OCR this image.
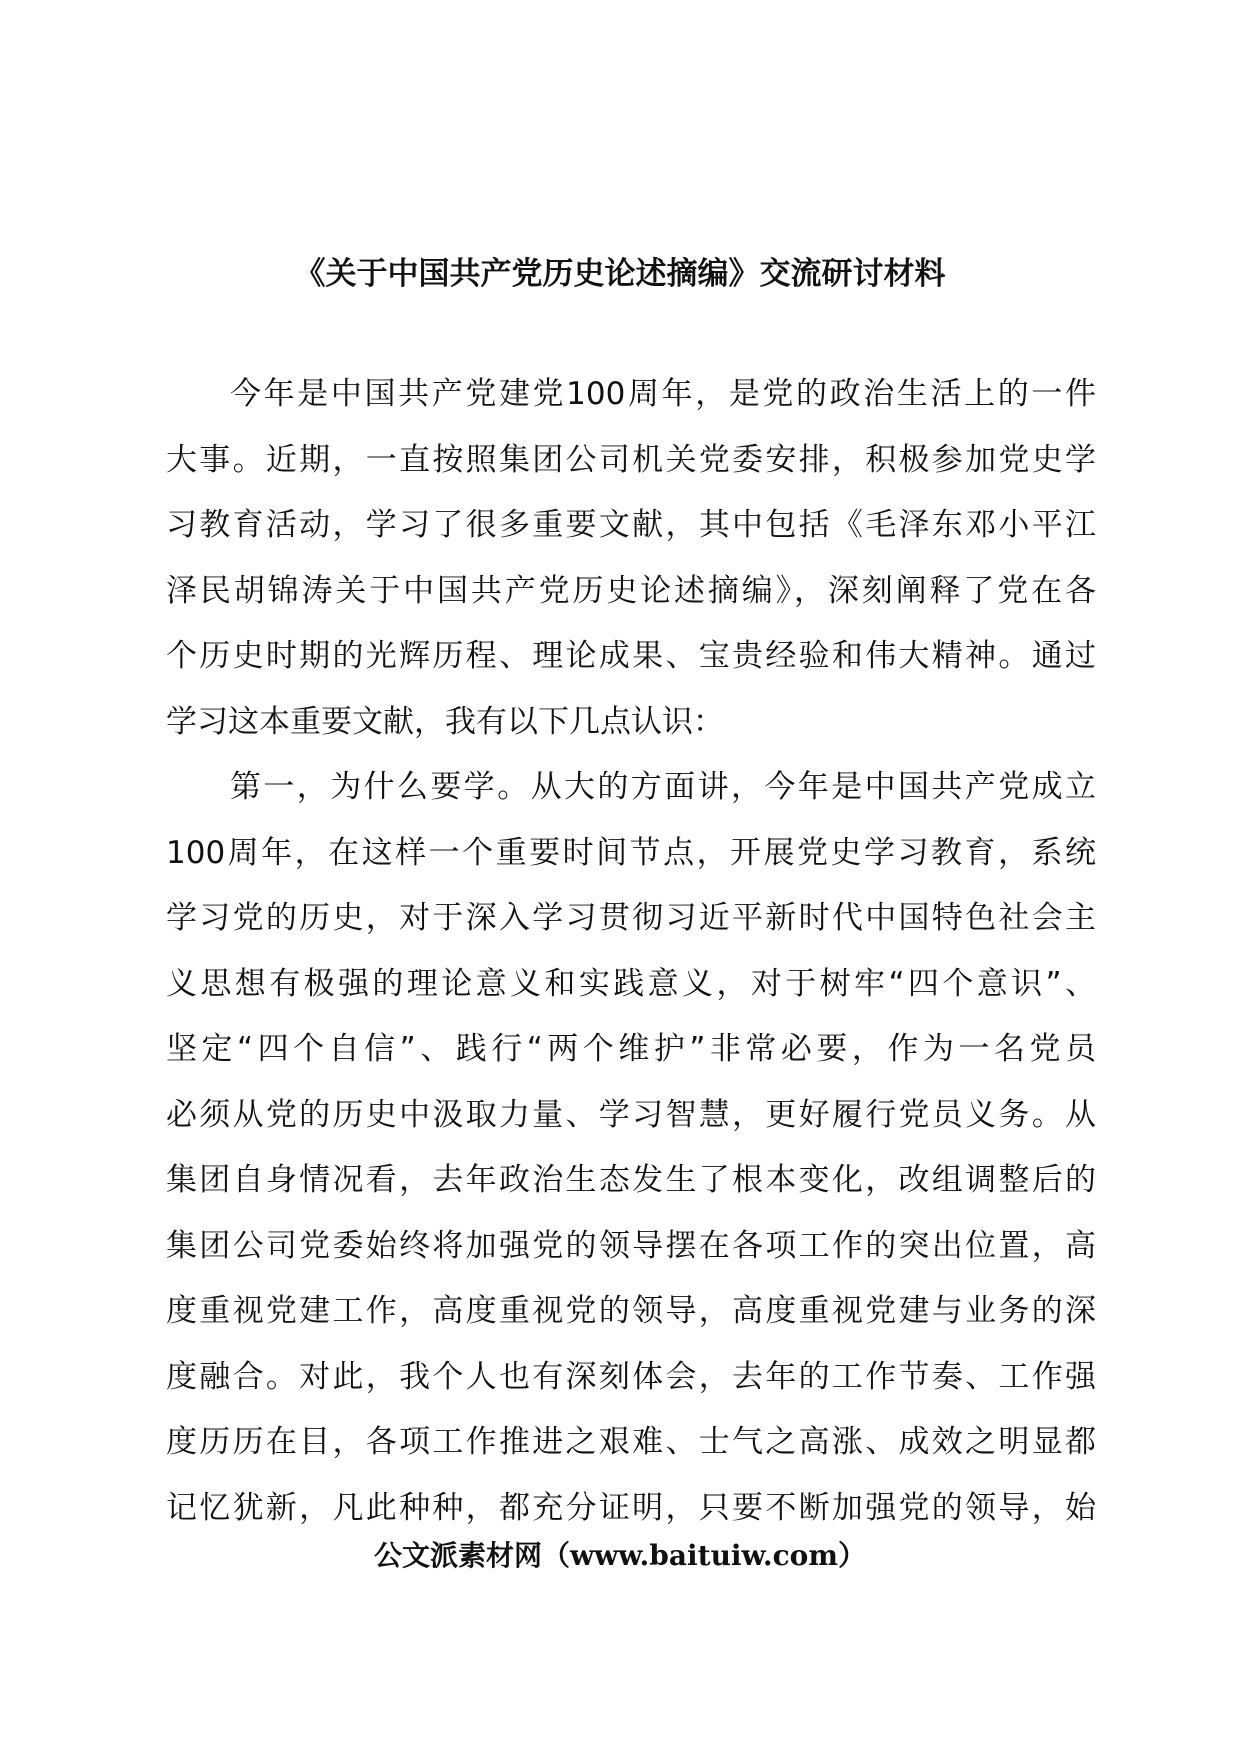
《关于中国共产党历史论述摘编》交流研讨材料
今年是中国共产党建党100周年，是党的政治生活上的一件
大事。近期，一直按照集团公司机关党委安排，积极参加党史学
习教育活动，学习了很多重要文献，其中包括《毛泽东邓小平江
泽民胡锦涛关于中国共产党历史论述摘编》，深刻阐释了党在各
个历史时期的光辉历程、理论成果、宝贵经验和伟大精神。通过
学习这本重要文献，我有以下几点认识：
第一，为什么要学。从大的方面讲，今年是中国共产党成立
100周年，在这样一个重要时间节点，开展党史学习教育，系统
学习党的历史，对于深入学习贯彻习近平新时代中国特色社会主
义思想有极强的理论意义和实践意义，对于树牢“四个意识”、
坚定“四个自信”、践行“两个维护”非常必要，作为一名党员
必须从党的历史中汲取力量、学习智慧，更好履行党员义务。从
集团自身情况看，去年政治生态发生了根本变化，改组调整后的
集团公司党委始终将加强党的领导摆在各项工作的突出位置，高
度重视党建工作，高度重视党的领导，高度重视党建与业务的深
度融合。对此，我个人也有深刻体会，去年的工作节奏、工作强
度历历在目，各项工作推进之艰难、士气之高涨、成效之明显都
记忆犹新，凡此种种，都充分证明，只要不断加强党的领导，始
公文派素材网（www.baituiw.com）
